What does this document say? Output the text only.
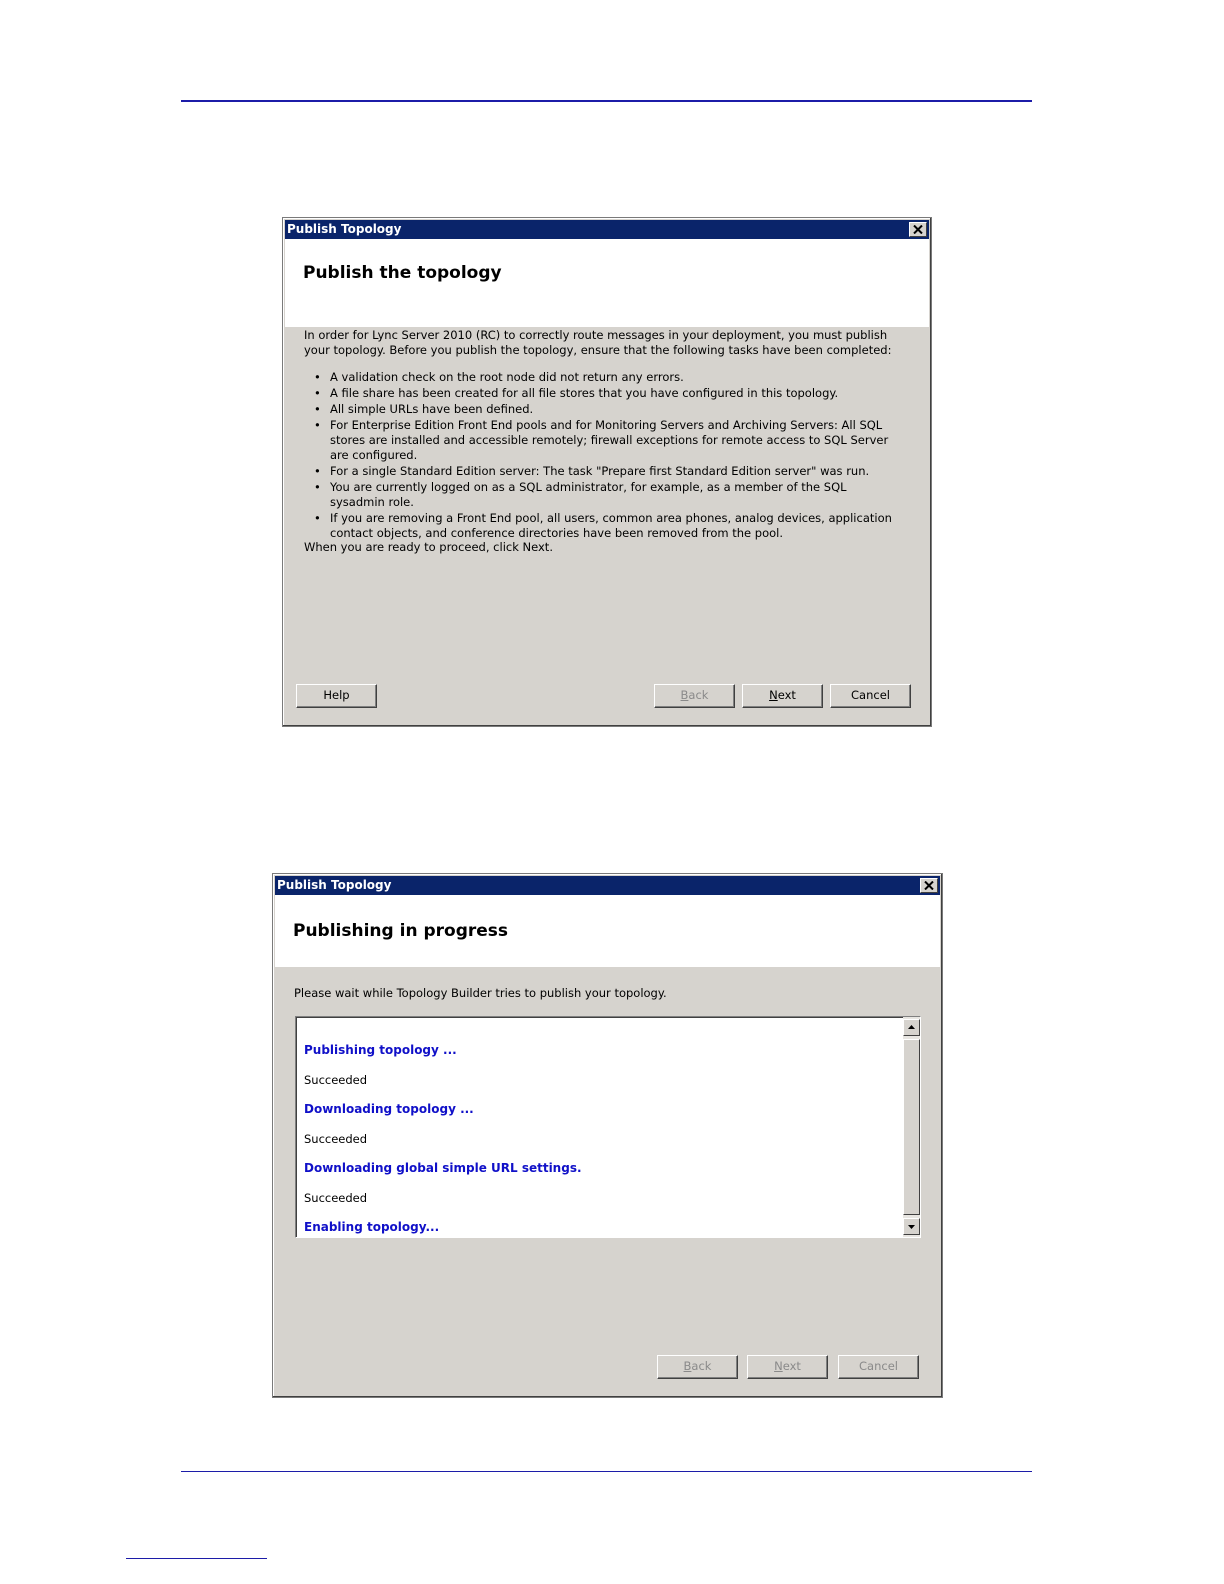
Publish Topology
Publish the topology
In order for Lync Server 2010 (RC) to correctly route messages in your deployment, you must publish your topology. Before you publish the topology, ensure that the following tasks have been completed:
• A validation check on the root node did not return any errors.
• A file share has been created for all file stores that you have configured in this topology.
• All simple URLs have been defined.
• For Enterprise Edition Front End pools and for Monitoring Servers and Archiving Servers: All SQL stores are installed and accessible remotely; firewall exceptions for remote access to SQL Server are configured.
• For a single Standard Edition server: The task "Prepare first Standard Edition server" was run.
• You are currently logged on as a SQL administrator, for example, as a member of the SQL sysadmin role.
• If you are removing a Front End pool, all users, common area phones, analog devices, application contact objects, and conference directories have been removed from the pool.
When you are ready to proceed, click Next.
Help	Back	Next	Cancel
Publish Topology
Publishing in progress
Please wait while Topology Builder tries to publish your topology.
Publishing topology ...
Succeeded
Downloading topology ...
Succeeded
Downloading global simple URL settings.
Succeeded
Enabling topology...
Back	Next	Cancel
